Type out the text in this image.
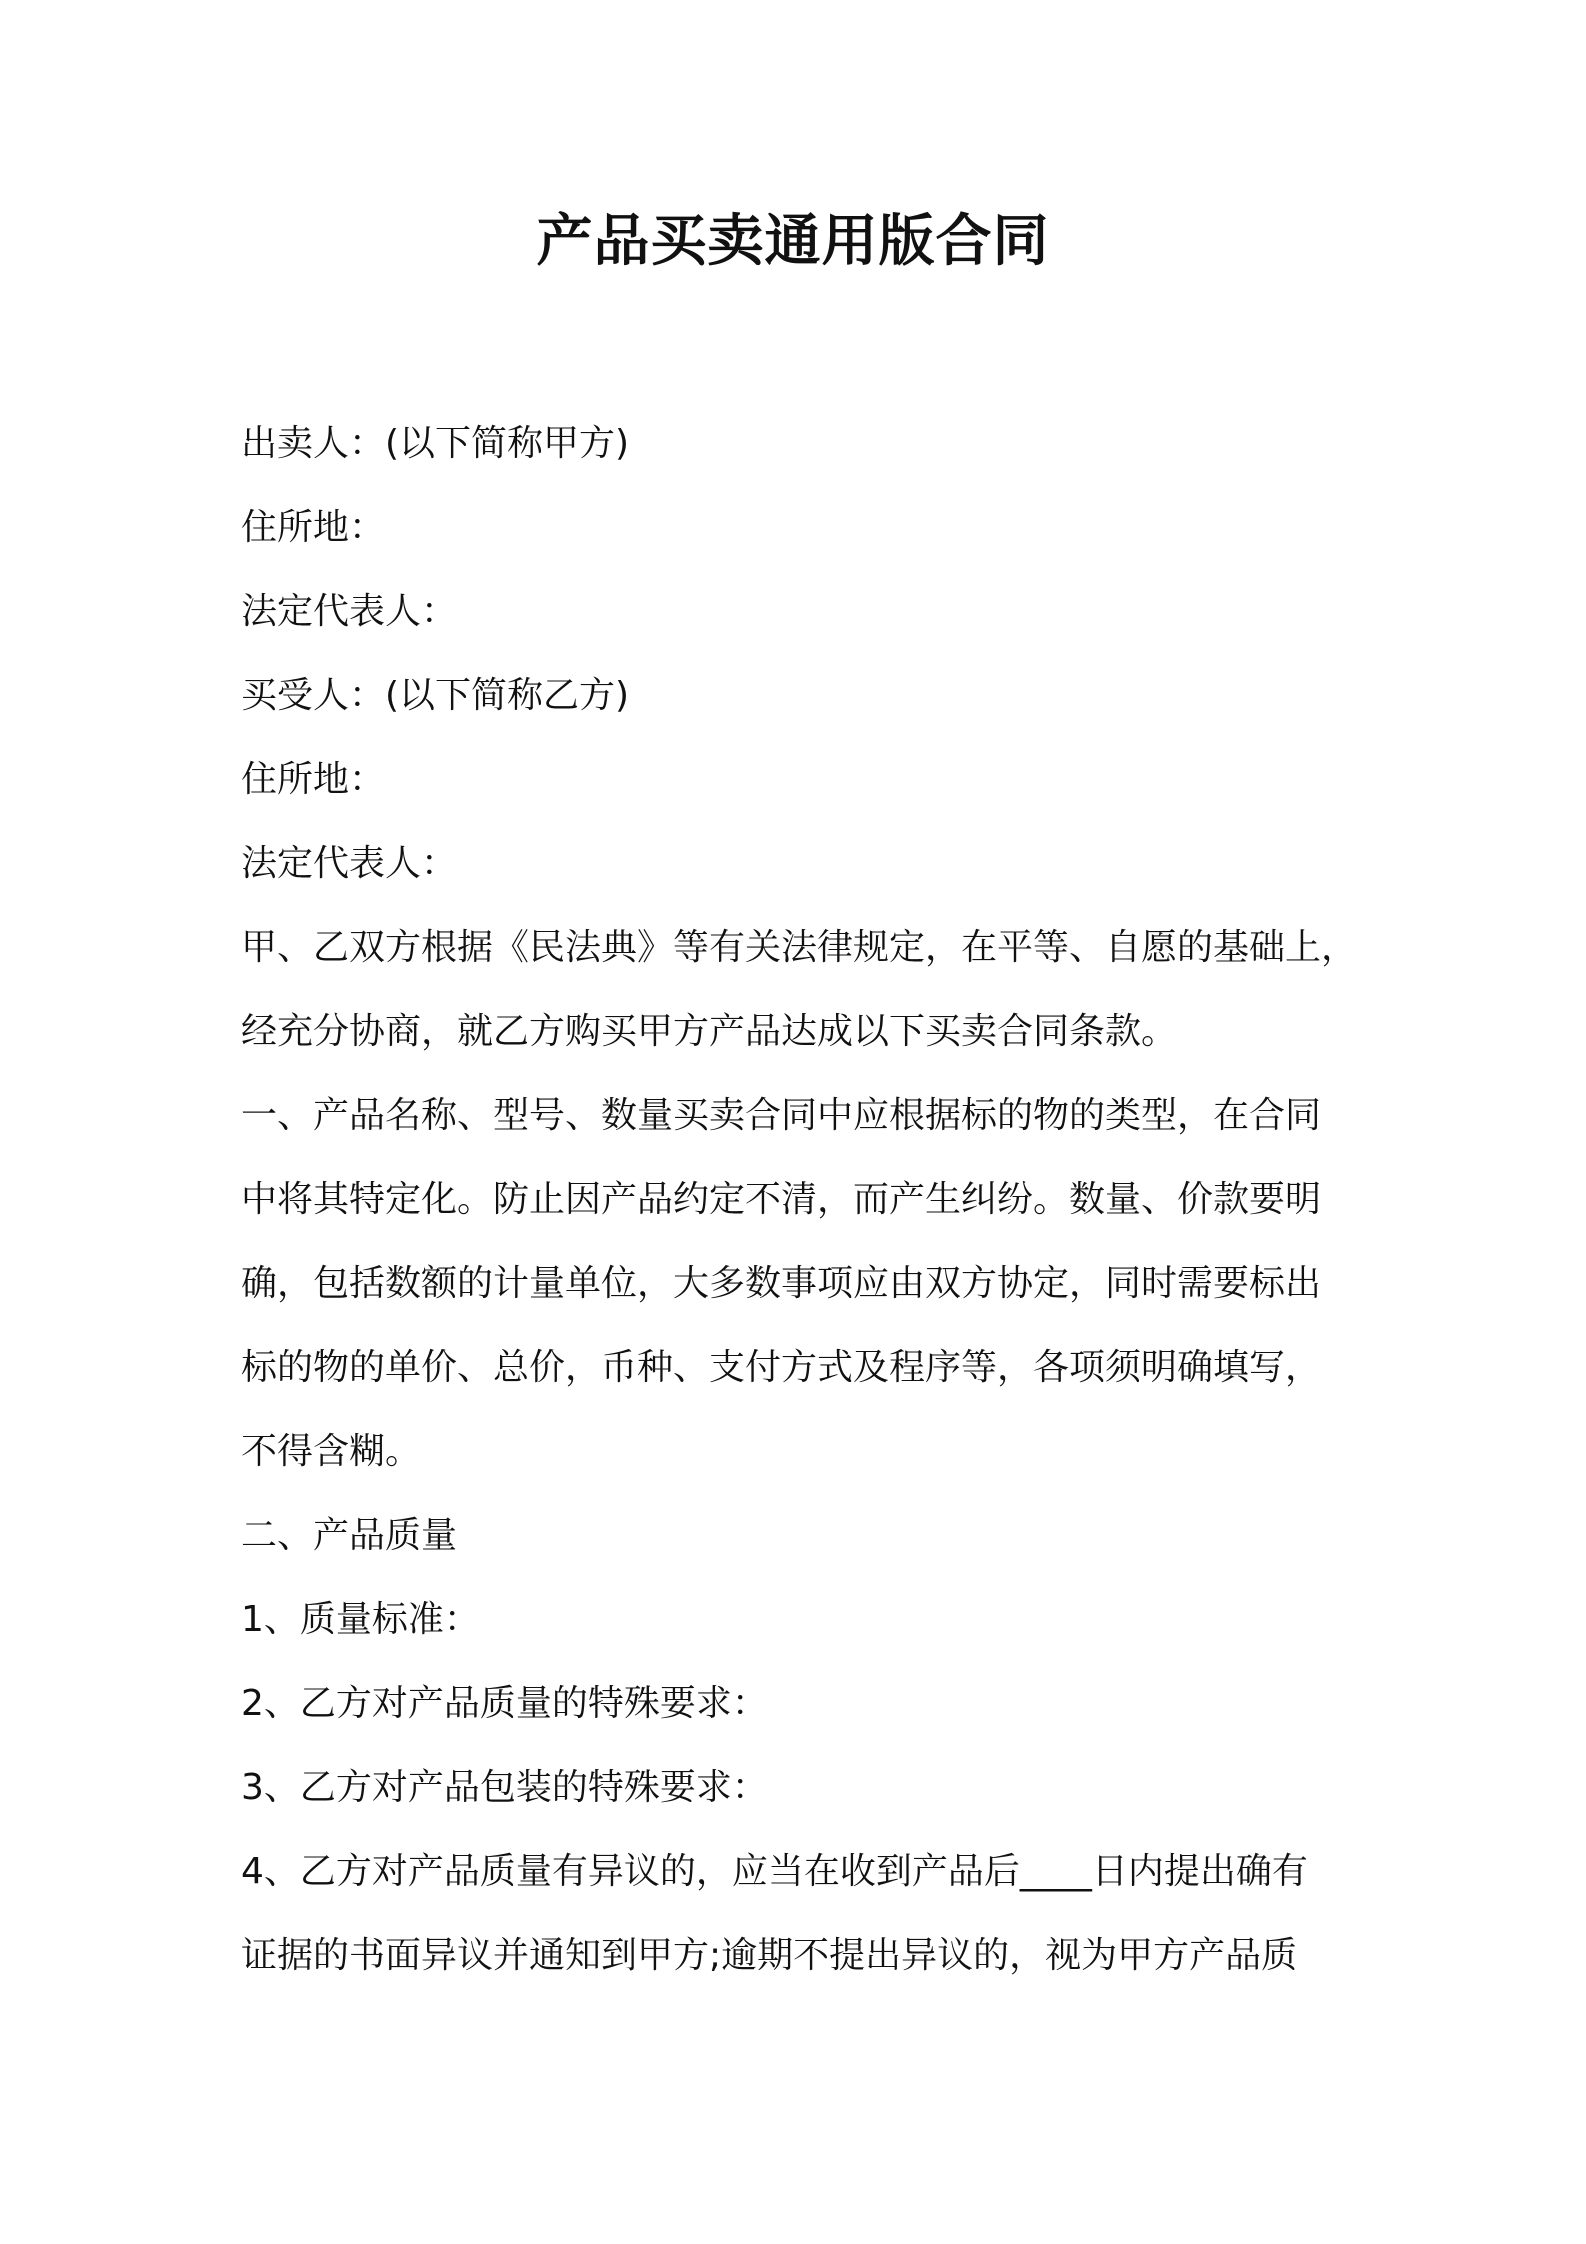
产品买卖通用版合同
出卖人：(以下简称甲方)
住所地：
法定代表人：
买受人：(以下简称乙方)
住所地：
法定代表人：
甲、乙双方根据《民法典》等有关法律规定，在平等、自愿的基础上，
经充分协商，就乙方购买甲方产品达成以下买卖合同条款。
一、产品名称、型号、数量买卖合同中应根据标的物的类型，在合同
中将其特定化。防止因产品约定不清，而产生纠纷。数量、价款要明
确，包括数额的计量单位，大多数事项应由双方协定，同时需要标出
标的物的单价、总价，币种、支付方式及程序等，各项须明确填写，
不得含糊。
二、产品质量
1、质量标准：
2、乙方对产品质量的特殊要求：
3、乙方对产品包装的特殊要求：
4、乙方对产品质量有异议的，应当在收到产品后____日内提出确有
证据的书面异议并通知到甲方;逾期不提出异议的，视为甲方产品质
